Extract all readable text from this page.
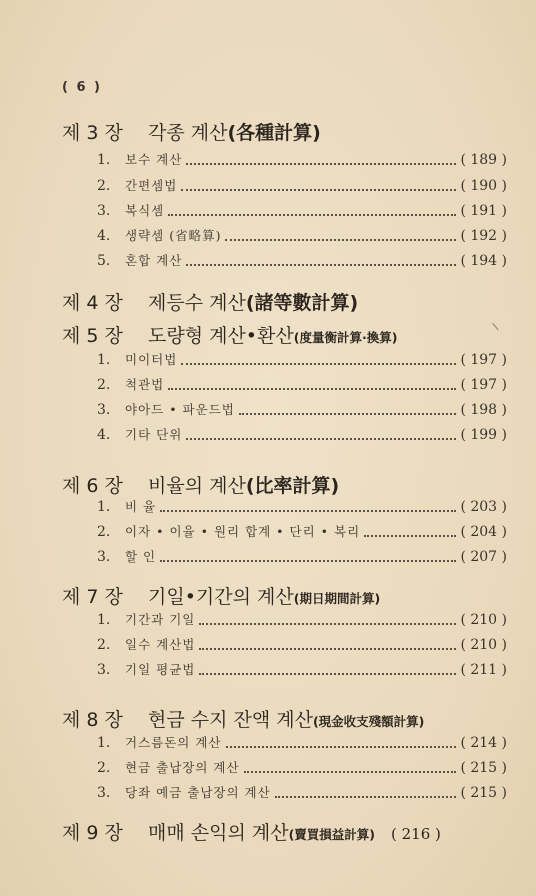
( 6 )
제 3 장 각종 계산(各種計算)
1.	보수 계산	( 189 )
2.	간편셈법	( 190 )
3.	복식셈	( 191 )
4.	생략셈 (省略算)	( 192 )
5.	혼합 계산	( 194 )
제 4 장 제등수 계산(諸等數計算)
제 5 장 도량형 계산•환산(度量衡計算·換算)
1.	미이터법	( 197 )
2.	척관법	( 197 )
3.	야아드 • 파운드법	( 198 )
4.	기타 단위	( 199 )
제 6 장 비율의 계산(比率計算)
1.	비 율	( 203 )
2.	이자 • 이율 • 원리 합계 • 단리 • 복리	( 204 )
3.	할 인	( 207 )
제 7 장 기일•기간의 계산(期日期間計算)
1.	기간과 기일	( 210 )
2.	일수 계산법	( 210 )
3.	기일 평균법	( 211 )
제 8 장 현금 수지 잔액 계산(現金收支殘額計算)
1.	거스름돈의 계산	( 214 )
2.	현금 출납장의 계산	( 215 )
3.	당좌 예금 출납장의 계산	( 215 )
제 9 장 매매 손익의 계산(賣買損益計算) ( 216 )
